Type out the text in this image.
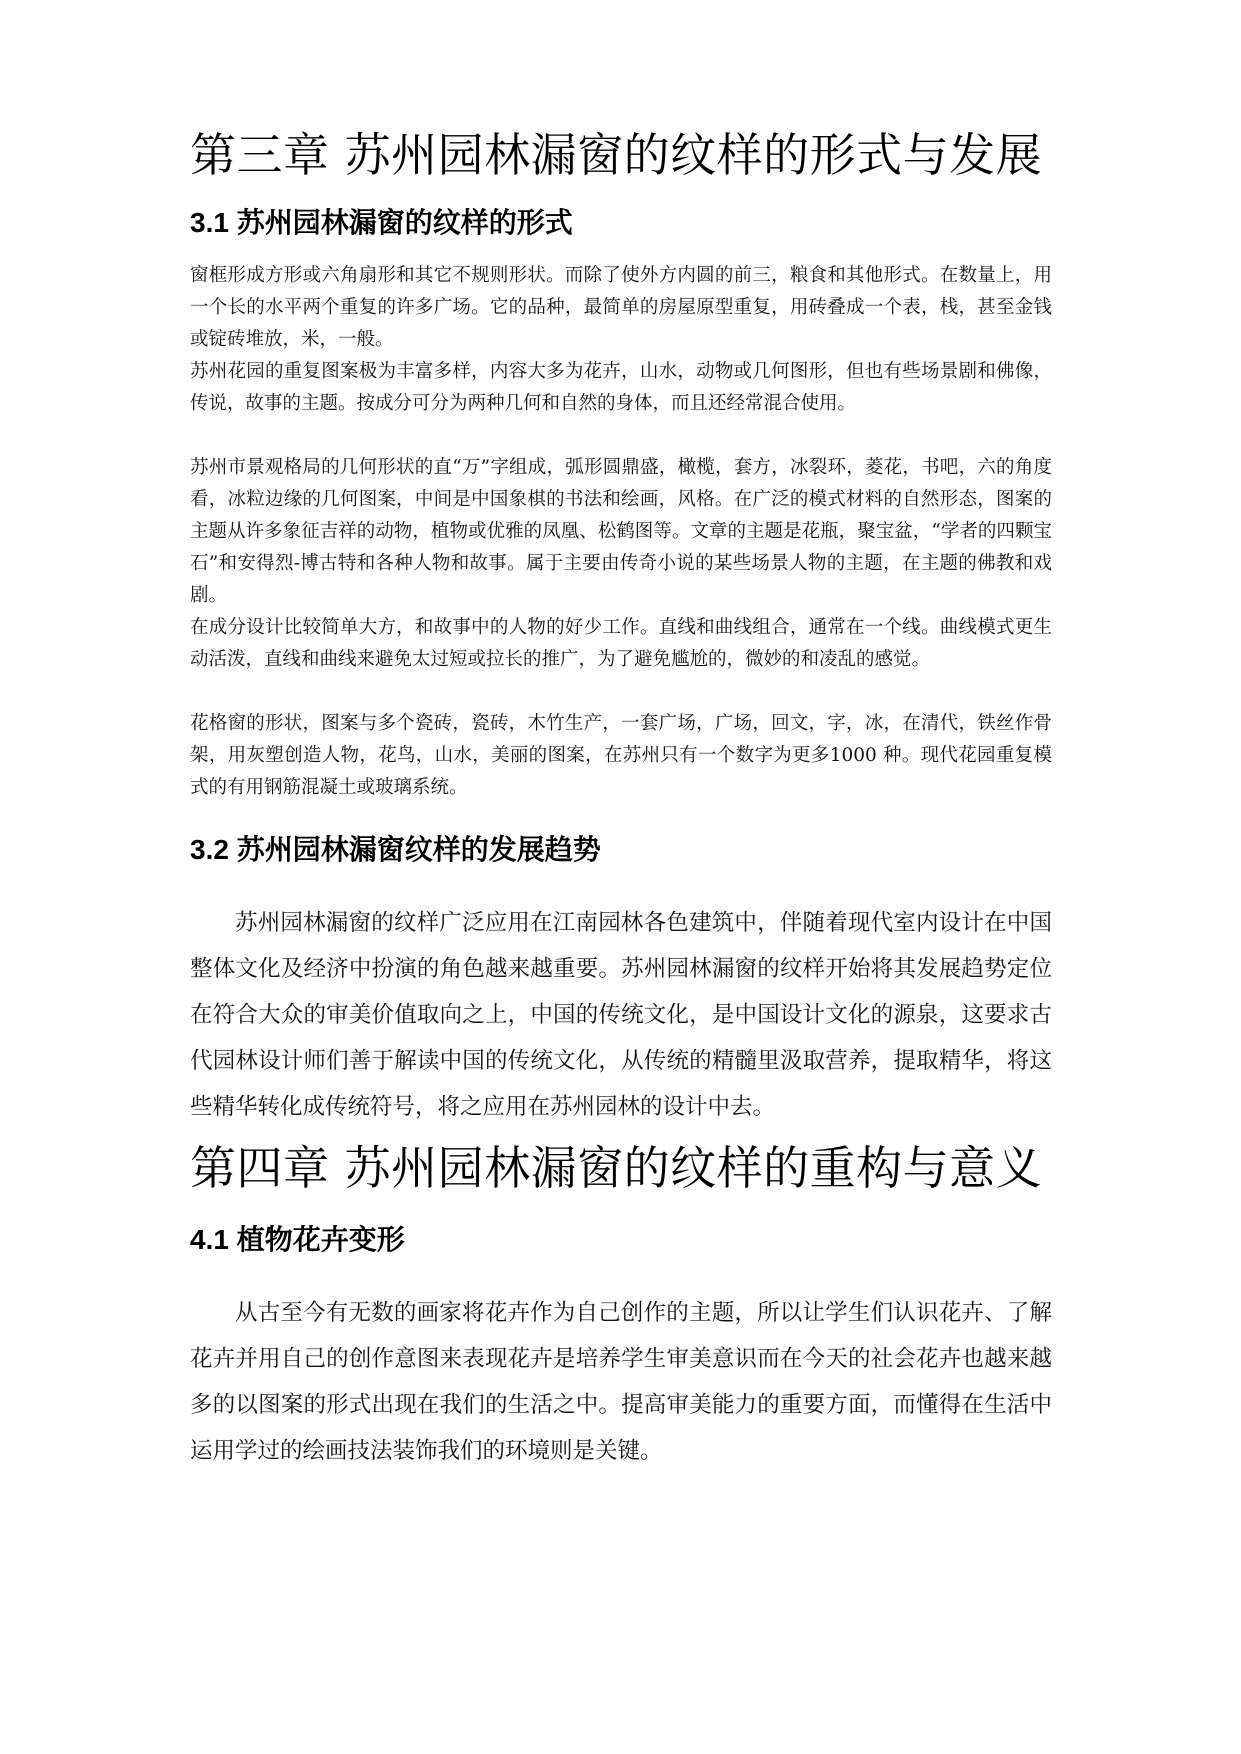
第三章 苏州园林漏窗的纹样的形式与发展
3.1 苏州园林漏窗的纹样的形式

窗框形成方形或六角扇形和其它不规则形状。而除了使外方内圆的前三，粮食和其他形式。在数量上，用一个长的水平两个重复的许多广场。它的品种，最简单的房屋原型重复，用砖叠成一个表，栈，甚至金钱或锭砖堆放，米，一般。

苏州花园的重复图案极为丰富多样，内容大多为花卉，山水，动物或几何图形，但也有些场景剧和佛像，传说，故事的主题。按成分可分为两种几何和自然的身体，而且还经常混合使用。

苏州市景观格局的几何形状的直“万”字组成，弧形圆鼎盛，橄榄，套方，冰裂环，菱花，书吧，六的角度看，冰粒边缘的几何图案，中间是中国象棋的书法和绘画，风格。在广泛的模式材料的自然形态，图案的主题从许多象征吉祥的动物，植物或优雅的凤凰、松鹤图等。文章的主题是花瓶，聚宝盆，“学者的四颗宝石”和安得烈-博古特和各种人物和故事。属于主要由传奇小说的某些场景人物的主题，在主题的佛教和戏剧。

在成分设计比较简单大方，和故事中的人物的好少工作。直线和曲线组合，通常在一个线。曲线模式更生动活泼，直线和曲线来避免太过短或拉长的推广，为了避免尴尬的，微妙的和凌乱的感觉。

花格窗的形状，图案与多个瓷砖，瓷砖，木竹生产，一套广场，广场，回文，字，冰，在清代，铁丝作骨架，用灰塑创造人物，花鸟，山水，美丽的图案，在苏州只有一个数字为更多1000 种。现代花园重复模式的有用钢筋混凝土或玻璃系统。

3.2 苏州园林漏窗纹样的发展趋势

苏州园林漏窗的纹样广泛应用在江南园林各色建筑中，伴随着现代室内设计在中国整体文化及经济中扮演的角色越来越重要。苏州园林漏窗的纹样开始将其发展趋势定位在符合大众的审美价值取向之上，中国的传统文化，是中国设计文化的源泉，这要求古代园林设计师们善于解读中国的传统文化，从传统的精髓里汲取营养，提取精华，将这些精华转化成传统符号，将之应用在苏州园林的设计中去。

第四章 苏州园林漏窗的纹样的重构与意义
4.1 植物花卉变形

从古至今有无数的画家将花卉作为自己创作的主题，所以让学生们认识花卉、了解花卉并用自己的创作意图来表现花卉是培养学生审美意识而在今天的社会花卉也越来越多的以图案的形式出现在我们的生活之中。提高审美能力的重要方面，而懂得在生活中运用学过的绘画技法装饰我们的环境则是关键。
